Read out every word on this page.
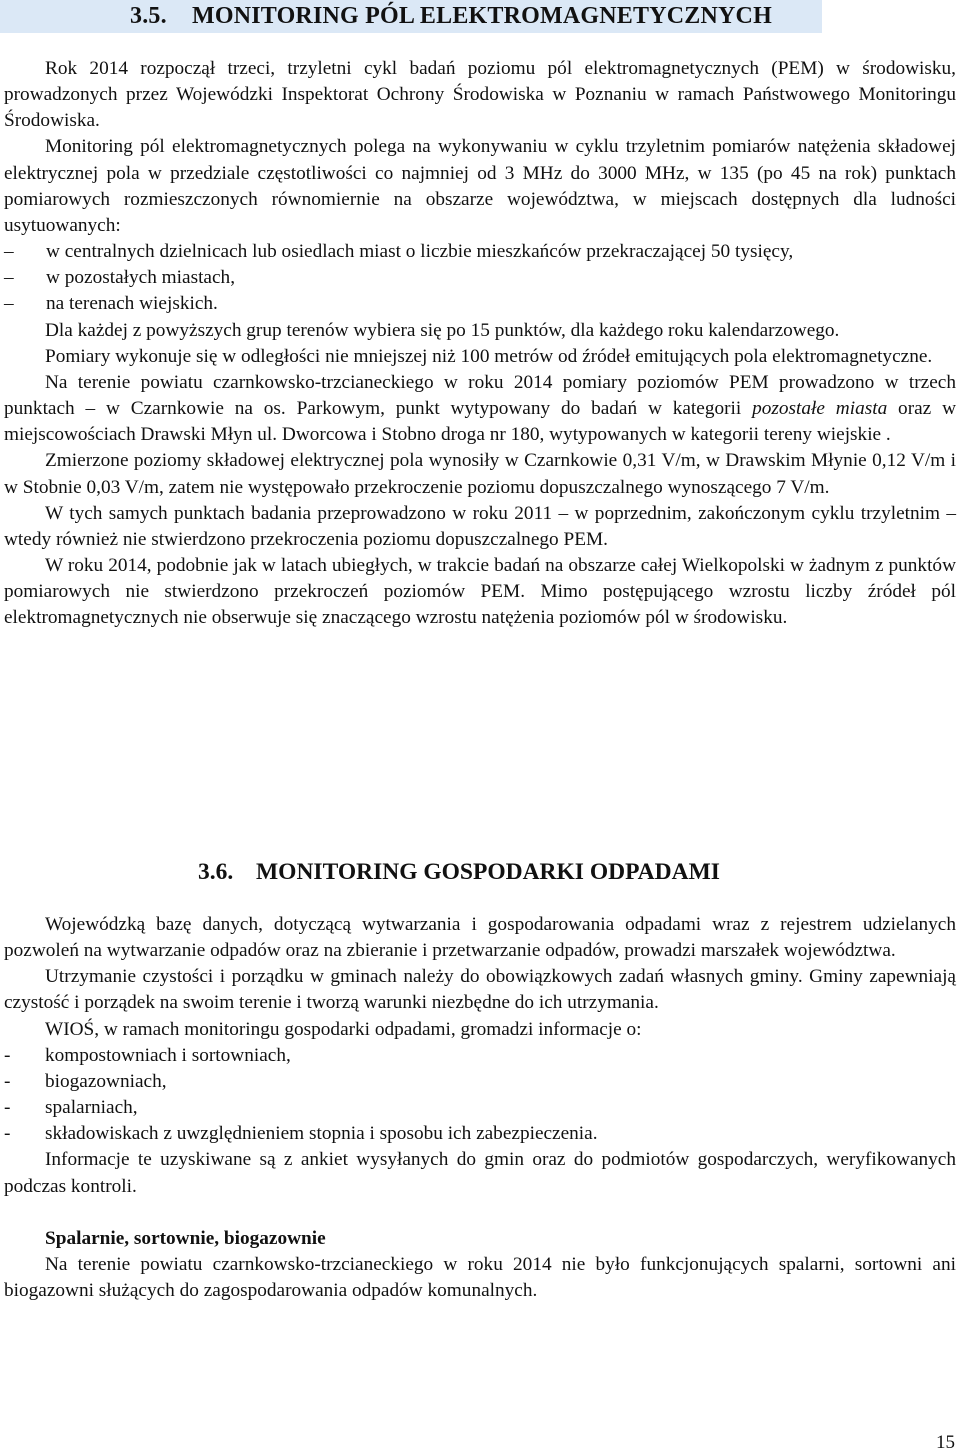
3.5. MONITORING PÓL ELEKTROMAGNETYCZNYCH

Rok 2014 rozpoczął trzeci, trzyletni cykl badań poziomu pól elektromagnetycznych (PEM) w środowisku, prowadzonych przez Wojewódzki Inspektorat Ochrony Środowiska w Poznaniu w ramach Państwowego Monitoringu Środowiska.

Monitoring pól elektromagnetycznych polega na wykonywaniu w cyklu trzyletnim pomiarów natężenia składowej elektrycznej pola w przedziale częstotliwości co najmniej od 3 MHz do 3000 MHz, w 135 (po 45 na rok) punktach pomiarowych rozmieszczonych równomiernie na obszarze województwa, w miejscach dostępnych dla ludności usytuowanych:

–	w centralnych dzielnicach lub osiedlach miast o liczbie mieszkańców przekraczającej 50 tysięcy,
–	w pozostałych miastach,
–	na terenach wiejskich.

Dla każdej z powyższych grup terenów wybiera się po 15 punktów, dla każdego roku kalendarzowego.

Pomiary wykonuje się w odległości nie mniejszej niż 100 metrów od źródeł emitujących pola elektromagnetyczne.

Na terenie powiatu czarnkowsko-trzcianeckiego w roku 2014 pomiary poziomów PEM prowadzono w trzech punktach – w Czarnkowie na os. Parkowym, punkt wytypowany do badań w kategorii pozostałe miasta oraz w miejscowościach Drawski Młyn ul. Dworcowa i Stobno droga nr 180, wytypowanych w kategorii tereny wiejskie .

Zmierzone poziomy składowej elektrycznej pola wynosiły w Czarnkowie 0,31 V/m, w Drawskim Młynie 0,12 V/m i w Stobnie 0,03 V/m, zatem nie występowało przekroczenie poziomu dopuszczalnego wynoszącego 7 V/m.

W tych samych punktach badania przeprowadzono w roku 2011 – w poprzednim, zakończonym cyklu trzyletnim – wtedy również nie stwierdzono przekroczenia poziomu dopuszczalnego PEM.

W roku 2014, podobnie jak w latach ubiegłych, w trakcie badań na obszarze całej Wielkopolski w żadnym z punktów pomiarowych nie stwierdzono przekroczeń poziomów PEM. Mimo postępującego wzrostu liczby źródeł pól elektromagnetycznych nie obserwuje się znaczącego wzrostu natężenia poziomów pól w środowisku.

3.6. MONITORING GOSPODARKI ODPADAMI

Wojewódzką bazę danych, dotyczącą wytwarzania i gospodarowania odpadami wraz z rejestrem udzielanych pozwoleń na wytwarzanie odpadów oraz na zbieranie i przetwarzanie odpadów, prowadzi marszałek województwa.

Utrzymanie czystości i porządku w gminach należy do obowiązkowych zadań własnych gminy. Gminy zapewniają czystość i porządek na swoim terenie i tworzą warunki niezbędne do ich utrzymania.

WIOŚ, w ramach monitoringu gospodarki odpadami, gromadzi informacje o:

-	kompostowniach i sortowniach,
-	biogazowniach,
-	spalarniach,
-	składowiskach z uwzględnieniem stopnia i sposobu ich zabezpieczenia.

Informacje te uzyskiwane są z ankiet wysyłanych do gmin oraz do podmiotów gospodarczych, weryfikowanych podczas kontroli.

Spalarnie, sortownie, biogazownie

Na terenie powiatu czarnkowsko-trzcianeckiego w roku 2014 nie było funkcjonujących spalarni, sortowni ani biogazowni służących do zagospodarowania odpadów komunalnych.

15
